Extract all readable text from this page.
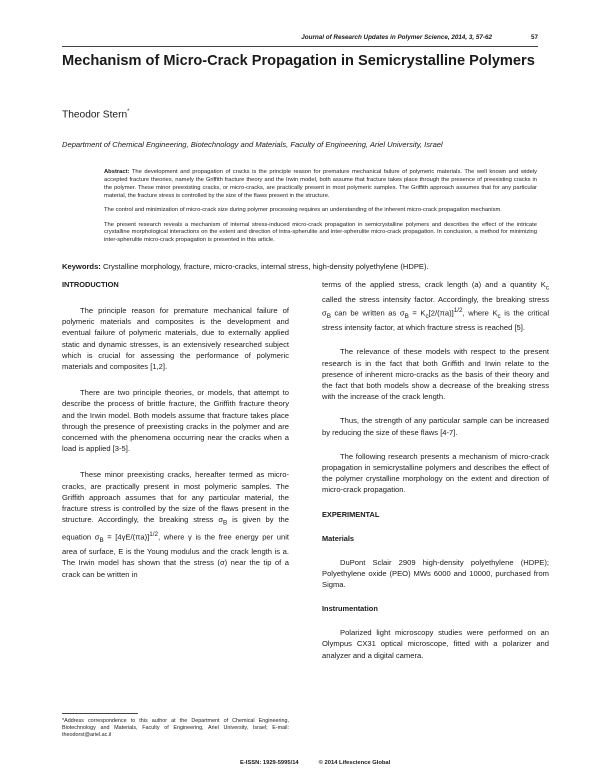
Journal of Research Updates in Polymer Science, 2014, 3, 57-62	57
Mechanism of Micro-Crack Propagation in Semicrystalline Polymers
Theodor Stern*
Department of Chemical Engineering, Biotechnology and Materials, Faculty of Engineering, Ariel University, Israel

Abstract: The development and propagation of cracks is the principle reason for premature mechanical failure of polymeric materials. The well known and widely accepted fracture theories, namely the Griffith fracture theory and the Irwin model, both assume that fracture takes place through the presence of preexisting cracks in the polymer. These minor preexisting cracks, or micro-cracks, are practically present in most polymeric samples. The Griffith approach assumes that for any particular material, the fracture stress is controlled by the size of the flaws present in the structure.

The control and minimization of micro-crack size during polymer processing requires an understanding of the inherent micro-crack propagation mechanism.

The present research reveals a mechanism of internal stress-induced micro-crack propagation in semicrystalline polymers and describes the effect of the intricate crystalline morphological interactions on the extent and direction of intra-spherulite and inter-spherulite micro-crack propagation. In conclusion, a method for minimizing inter-spherulite micro-crack propagation is presented in this article.

Keywords: Crystalline morphology, fracture, micro-cracks, internal stress, high-density polyethylene (HDPE).
INTRODUCTION

The principle reason for premature mechanical failure of polymeric materials and composites is the development and eventual failure of polymeric materials, due to externally applied static and dynamic stresses, is an extensively researched subject which is crucial for assessing the performance of polymeric materials and composites [1,2].

There are two principle theories, or models, that attempt to describe the process of brittle fracture, the Griffith fracture theory and the Irwin model. Both models assume that fracture takes place through the presence of preexisting cracks in the polymer and are concerned with the phenomena occurring near the cracks when a load is applied [3-5].

These minor preexisting cracks, hereafter termed as micro-cracks, are practically present in most polymeric samples. The Griffith approach assumes that for any particular material, the fracture stress is controlled by the size of the flaws present in the structure. Accordingly, the breaking stress $\sigma_B$ is given by the equation $\sigma_B = [4\gamma E/(\pi a)]^{1/2}$, where γ is the free energy per unit area of surface, E is the Young modulus and the crack length is a. The Irwin model has shown that the stress (σ) near the tip of a crack can be written in

terms of the applied stress, crack length (a) and a quantity $K_c$ called the stress intensity factor. Accordingly, the breaking stress $\sigma_B$ can be written as $\sigma_B = K_c[2/(\pi a)]^{1/2}$, where $K_c$ is the critical stress intensity factor, at which fracture stress is reached [5].

The relevance of these models with respect to the present research is in the fact that both Griffith and Irwin relate to the presence of inherent micro-cracks as the basis of their theory and the fact that both models show a decrease of the breaking stress with the increase of the crack length.

Thus, the strength of any particular sample can be increased by reducing the size of these flaws [4-7].

The following research presents a mechanism of micro-crack propagation in semicrystalline polymers and describes the effect of the polymer crystalline morphology on the extent and direction of micro-crack propagation.

EXPERIMENTAL
Materials

DuPont Sclair 2909 high-density polyethylene (HDPE); Polyethylene oxide (PEO) MWs 6000 and 10000, purchased from Sigma.

Instrumentation

Polarized light microscopy studies were performed on an Olympus CX31 optical microscope, fitted with a polarizer and analyzer and a digital camera.

*Address correspondence to this author at the Department of Chemical Engineering, Biotechnology and Materials, Faculty of Engineering, Ariel University, Israel; E-mail: theodorst@ariel.ac.il
E-ISSN: 1929-5995/14	© 2014 Lifescience Global
